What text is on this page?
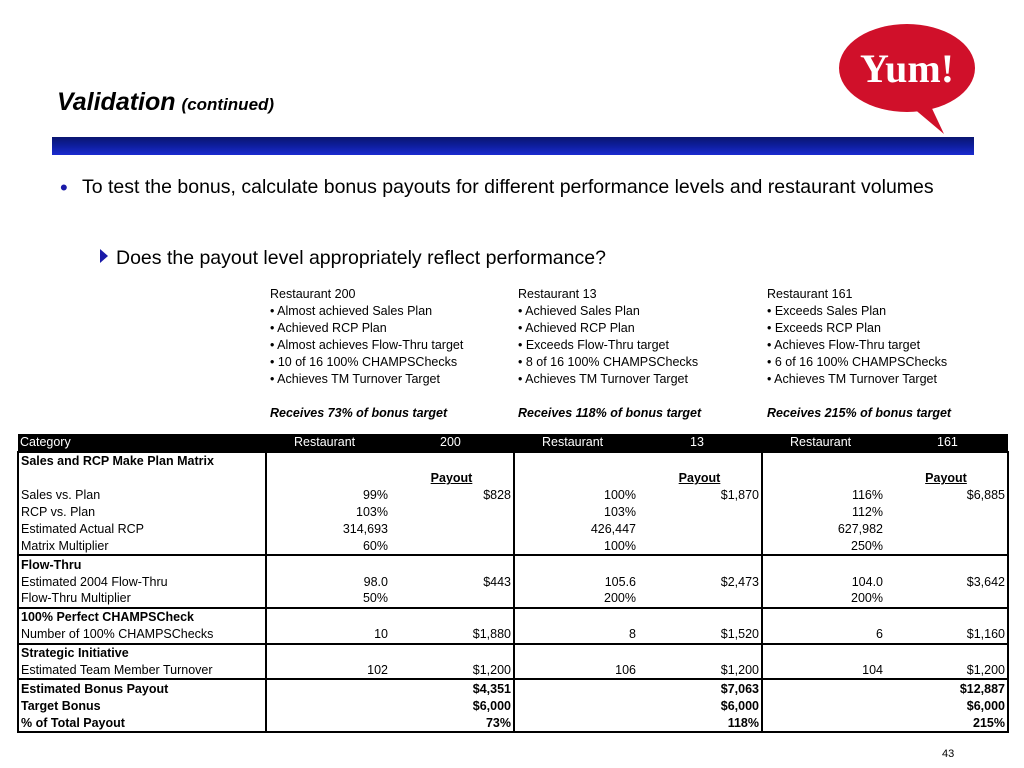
Validation (continued)
Yum!
• To test the bonus, calculate bonus payouts for different performance levels and restaurant volumes
Does the payout level appropriately reflect performance?
Restaurant 200
• Almost achieved Sales Plan
• Achieved RCP Plan
• Almost achieves Flow-Thru target
• 10 of 16 100% CHAMPSChecks
• Achieves TM Turnover Target
Receives 73% of bonus target
Restaurant 13
• Achieved Sales Plan
• Achieved RCP Plan
• Exceeds Flow-Thru target
• 8 of 16 100% CHAMPSChecks
• Achieves TM Turnover Target
Receives 118% of bonus target
Restaurant 161
• Exceeds Sales Plan
• Exceeds RCP Plan
• Achieves Flow-Thru target
• 6 of 16 100% CHAMPSChecks
• Achieves TM Turnover Target
Receives 215% of bonus target
Category	Restaurant	200	Restaurant	13	Restaurant	161
Sales and RCP Make Plan Matrix						
		Payout		Payout		Payout
Sales vs. Plan	99%	$828	100%	$1,870	116%	$6,885
RCP vs. Plan	103%		103%		112%	
Estimated Actual RCP	314,693		426,447		627,982	
Matrix Multiplier	60%		100%		250%	
Flow-Thru						
Estimated 2004 Flow-Thru	98.0	$443	105.6	$2,473	104.0	$3,642
Flow-Thru Multiplier	50%		200%		200%	
100% Perfect CHAMPSCheck						
Number of 100% CHAMPSChecks	10	$1,880	8	$1,520	6	$1,160
Strategic Initiative						
Estimated Team Member Turnover	102	$1,200	106	$1,200	104	$1,200
Estimated Bonus Payout		$4,351		$7,063		$12,887
Target Bonus		$6,000		$6,000		$6,000
% of Total Payout		73%		118%		215%
43
